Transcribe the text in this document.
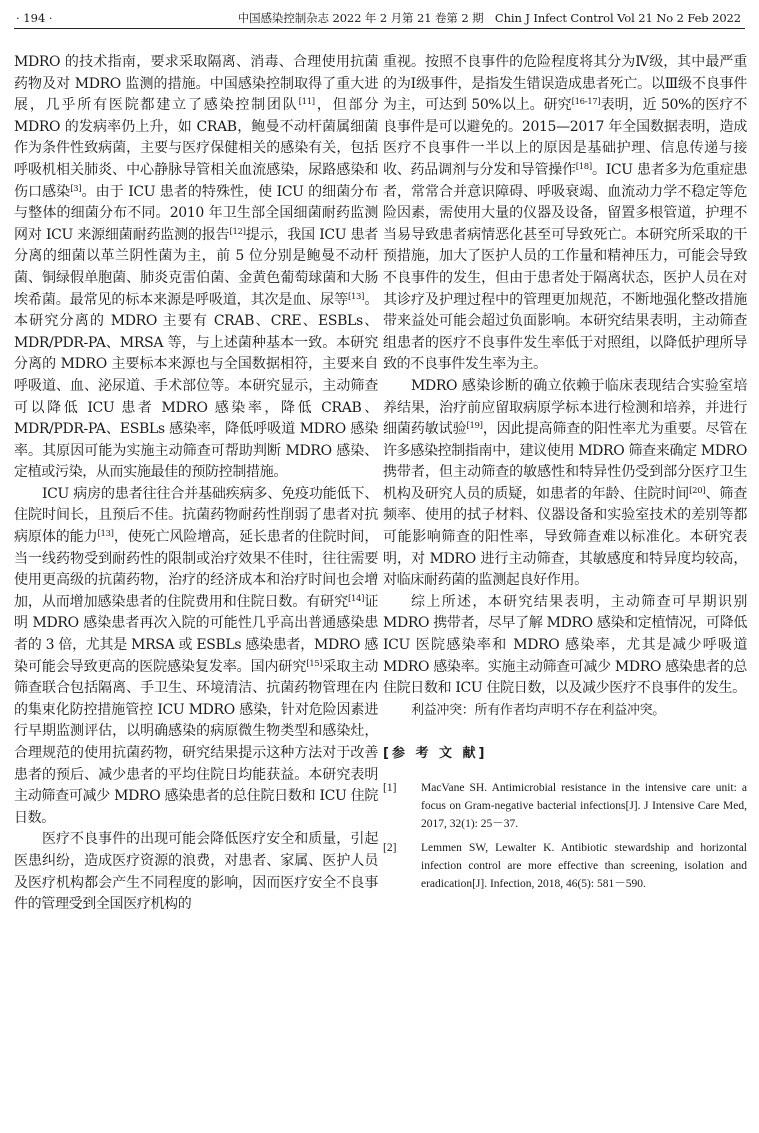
· 194 ·	中国感染控制杂志 2022 年 2 月第 21 卷第 2 期　Chin J Infect Control Vol 21 No 2 Feb 2022

MDRO 的技术指南，要求采取隔离、消毒、合理使用抗菌药物及对 MDRO 监测的措施。中国感染控制取得了重大进展，几乎所有医院都建立了感染控制团队[11]，但部分 MDRO 的发病率仍上升，如 CRAB，鲍曼不动杆菌属细菌作为条件性致病菌，主要与医疗保健相关的感染有关，包括呼吸机相关肺炎、中心静脉导管相关血流感染，尿路感染和伤口感染[3]。由于 ICU 患者的特殊性，使 ICU 的细菌分布与整体的细菌分布不同。2010 年卫生部全国细菌耐药监测网对 ICU 来源细菌耐药监测的报告[12]提示，我国 ICU 患者分离的细菌以革兰阴性菌为主，前 5 位分别是鲍曼不动杆菌、铜绿假单胞菌、肺炎克雷伯菌、金黄色葡萄球菌和大肠埃希菌。最常见的标本来源是呼吸道，其次是血、尿等[13]。本研究分离的 MDRO 主要有 CRAB、CRE、ESBLs、MDR/PDR-PA、MRSA 等，与上述菌种基本一致。本研究分离的 MDRO 主要标本来源也与全国数据相符，主要来自呼吸道、血、泌尿道、手术部位等。本研究显示，主动筛查可以降低 ICU 患者 MDRO 感染率，降低 CRAB、MDR/PDR-PA、ESBLs 感染率，降低呼吸道 MDRO 感染率。其原因可能为实施主动筛查可帮助判断 MDRO 感染、定植或污染，从而实施最佳的预防控制措施。

ICU 病房的患者往往合并基础疾病多、免疫功能低下、住院时间长，且预后不佳。抗菌药物耐药性削弱了患者对抗病原体的能力[13]，使死亡风险增高，延长患者的住院时间，当一线药物受到耐药性的限制或治疗效果不佳时，往往需要使用更高级的抗菌药物，治疗的经济成本和治疗时间也会增加，从而增加感染患者的住院费用和住院日数。有研究[14]证明 MDRO 感染患者再次入院的可能性几乎高出普通感染患者的 3 倍，尤其是 MRSA 或 ESBLs 感染患者，MDRO 感染可能会导致更高的医院感染复发率。国内研究[15]采取主动筛查联合包括隔离、手卫生、环境清洁、抗菌药物管理在内的集束化防控措施管控 ICU MDRO 感染，针对危险因素进行早期监测评估，以明确感染的病原微生物类型和感染灶，合理规范的使用抗菌药物，研究结果提示这种方法对于改善患者的预后、减少患者的平均住院日均能获益。本研究表明主动筛查可减少 MDRO 感染患者的总住院日数和 ICU 住院日数。

医疗不良事件的出现可能会降低医疗安全和质量，引起医患纠纷，造成医疗资源的浪费，对患者、家属、医护人员及医疗机构都会产生不同程度的影响，因而医疗安全不良事件的管理受到全国医疗机构的

重视。按照不良事件的危险程度将其分为Ⅳ级，其中最严重的为Ⅰ级事件，是指发生错误造成患者死亡。以Ⅲ级不良事件为主，可达到 50%以上。研究[16-17]表明，近 50%的医疗不良事件是可以避免的。2015—2017 年全国数据表明，造成医疗不良事件一半以上的原因是基础护理、信息传递与接收、药品调剂与分发和导管操作[18]。ICU 患者多为危重症患者，常常合并意识障碍、呼吸衰竭、血流动力学不稳定等危险因素，需使用大量的仪器及设备，留置多根管道，护理不当易导致患者病情恶化甚至可导致死亡。本研究所采取的干预措施，加大了医护人员的工作量和精神压力，可能会导致不良事件的发生，但由于患者处于隔离状态，医护人员在对其诊疗及护理过程中的管理更加规范，不断地强化整改措施带来益处可能会超过负面影响。本研究结果表明，主动筛查组患者的医疗不良事件发生率低于对照组，以降低护理所导致的不良事件发生率为主。

MDRO 感染诊断的确立依赖于临床表现结合实验室培养结果，治疗前应留取病原学标本进行检测和培养，并进行细菌药敏试验[19]，因此提高筛查的阳性率尤为重要。尽管在许多感染控制指南中，建议使用 MDRO 筛查来确定 MDRO 携带者，但主动筛查的敏感性和特异性仍受到部分医疗卫生机构及研究人员的质疑，如患者的年龄、住院时间[20]、筛查频率、使用的拭子材料、仪器设备和实验室技术的差别等都可能影响筛查的阳性率，导致筛查难以标准化。本研究表明，对 MDRO 进行主动筛查，其敏感度和特异度均较高，对临床耐药菌的监测起良好作用。

综上所述，本研究结果表明，主动筛查可早期识别 MDRO 携带者，尽早了解 MDRO 感染和定植情况，可降低 ICU 医院感染率和 MDRO 感染率，尤其是减少呼吸道 MDRO 感染率。实施主动筛查可减少 MDRO 感染患者的总住院日数和 ICU 住院日数，以及减少医疗不良事件的发生。

利益冲突：所有作者均声明不存在利益冲突。

[参 考 文 献]
[1] MacVane SH. Antimicrobial resistance in the intensive care unit: a focus on Gram-negative bacterial infections[J]. J Intensive Care Med, 2017, 32(1): 25－37.
[2] Lemmen SW, Lewalter K. Antibiotic stewardship and horizontal infection control are more effective than screening, isolation and eradication[J]. Infection, 2018, 46(5): 581－590.
